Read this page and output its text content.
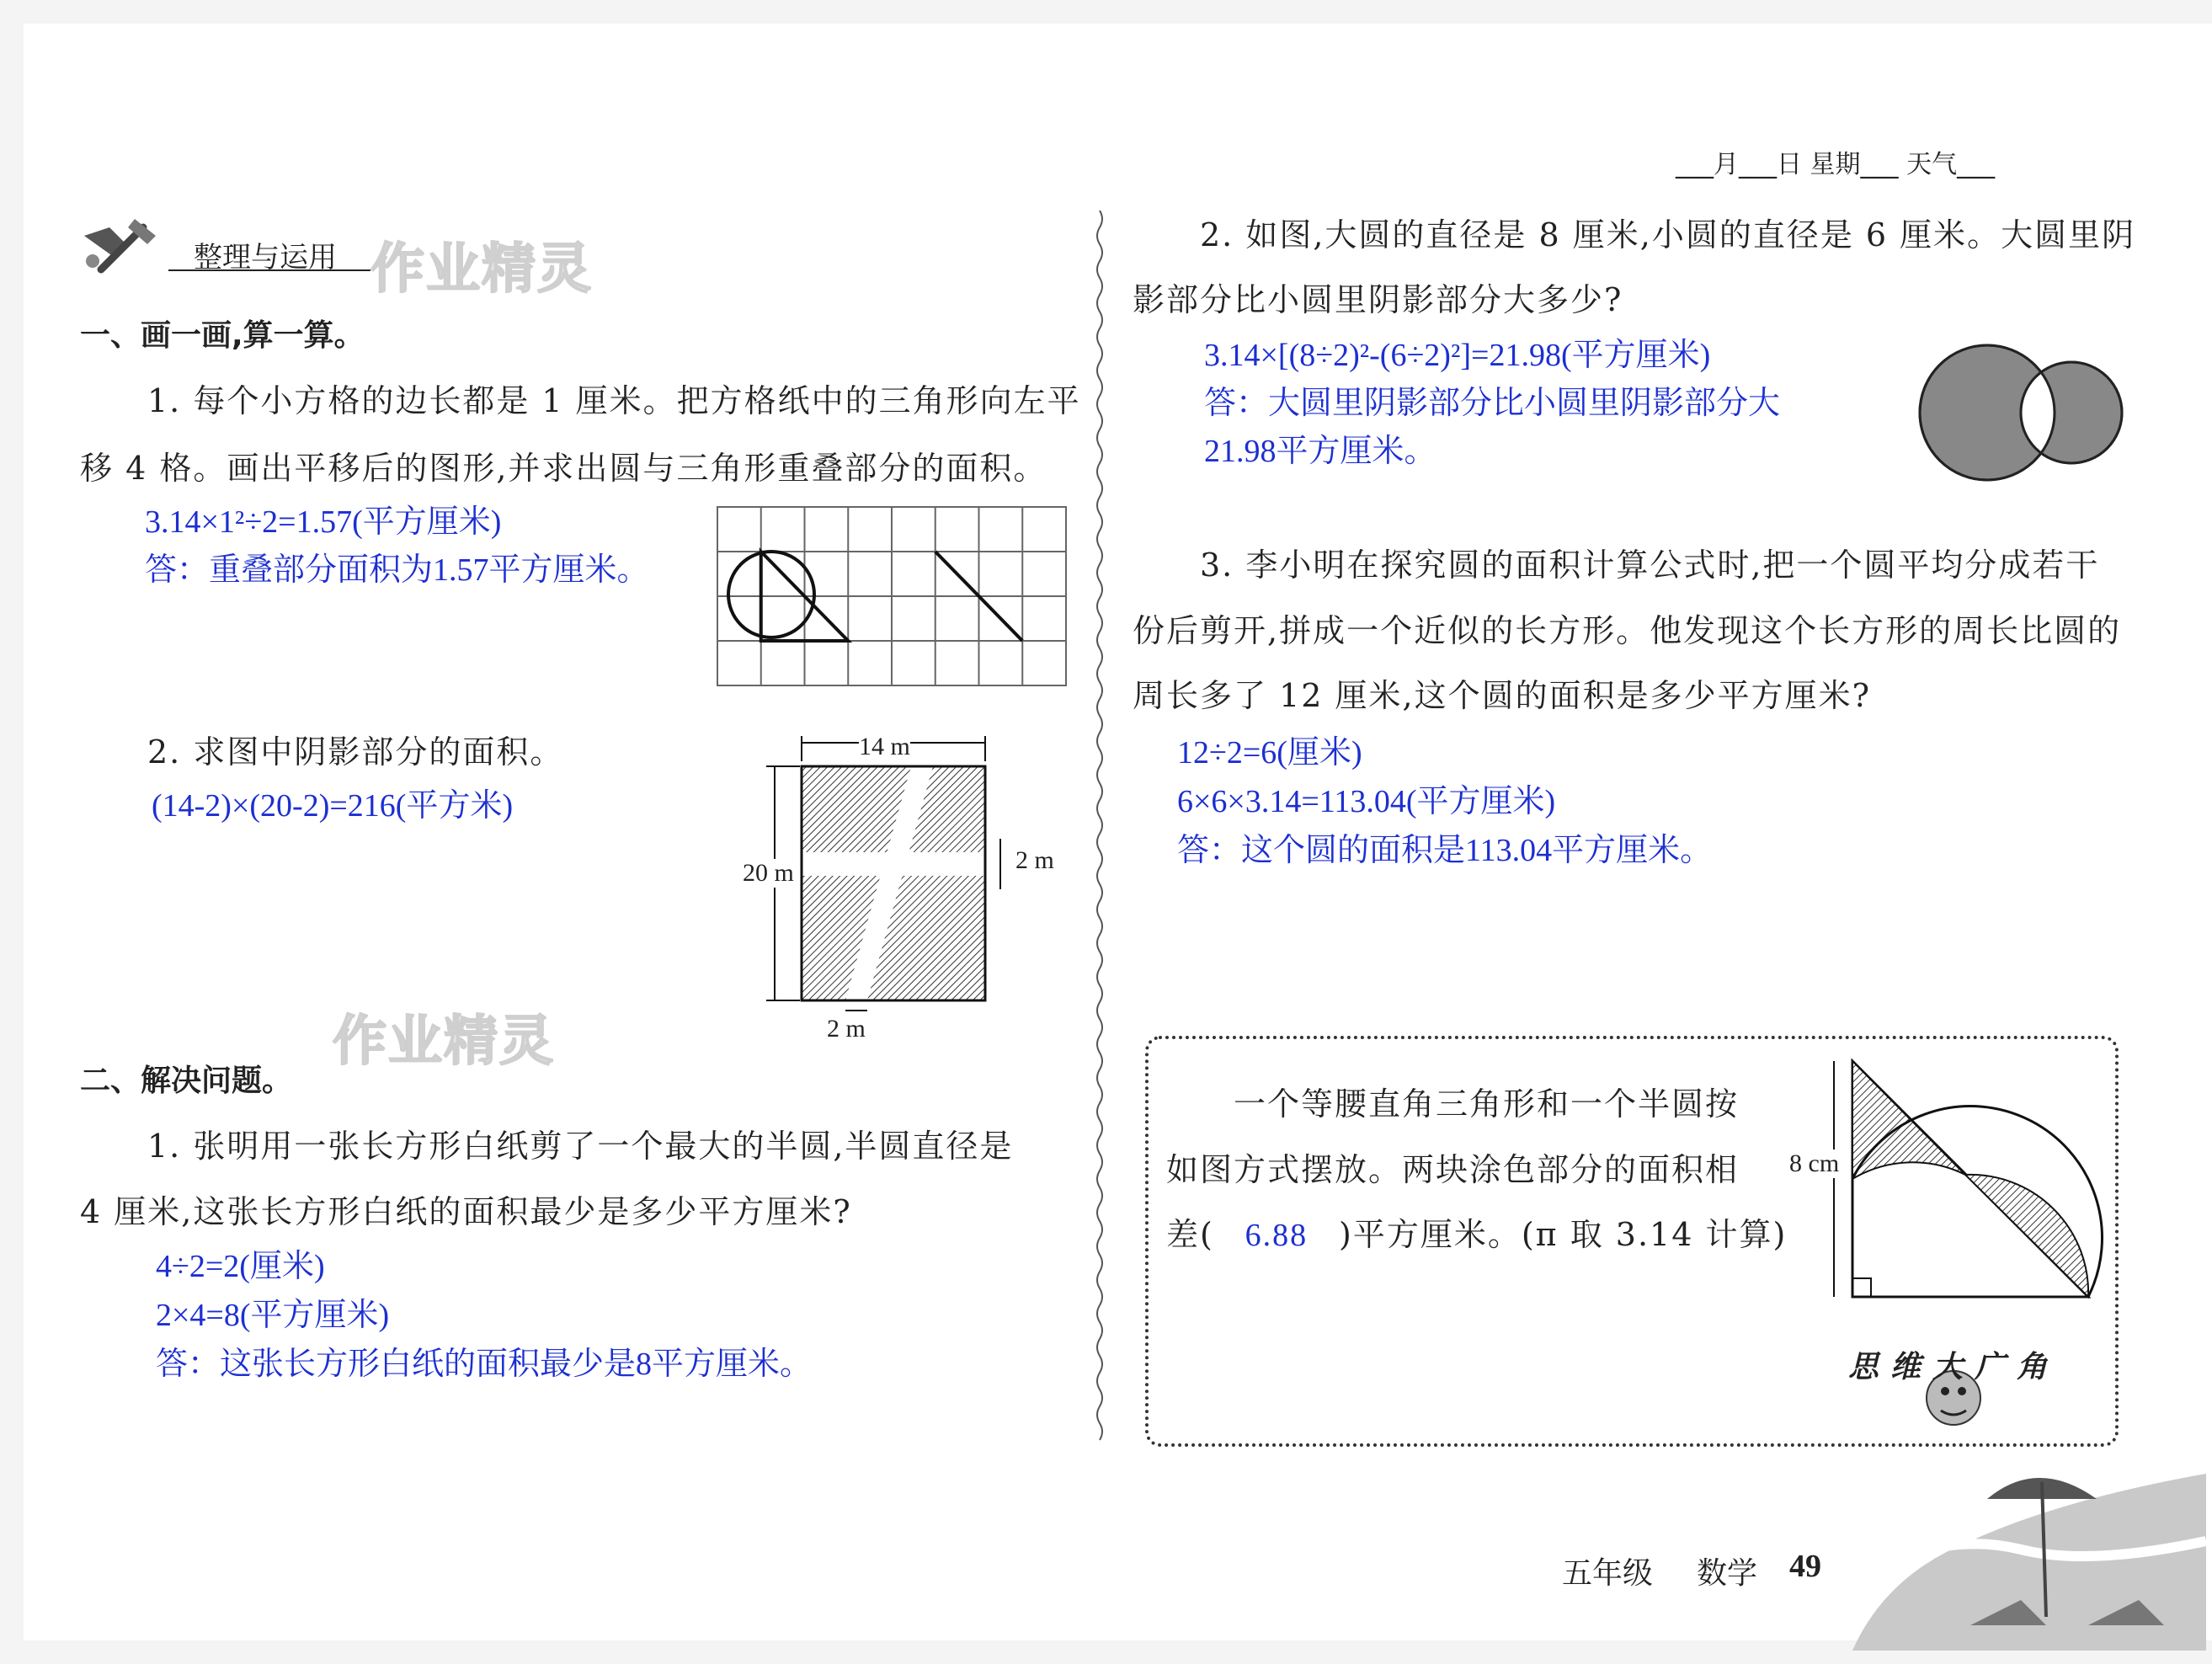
___月___日 星期___ 天气___
整理与运用 作业精灵
一、画一画,算一算。
1. 每个小方格的边长都是 1 厘米。把方格纸中的三角形向左平
移 4 格。画出平移后的图形,并求出圆与三角形重叠部分的面积。
3.14×1²÷2=1.57(平方厘米)
答：重叠部分面积为1.57平方厘米。
2. 求图中阴影部分的面积。
(14-2)×(20-2)=216(平方米)
14 m
20 m	2 m
2 m
作业精灵
二、解决问题。
1. 张明用一张长方形白纸剪了一个最大的半圆,半圆直径是
4 厘米,这张长方形白纸的面积最少是多少平方厘米?
4÷2=2(厘米)
2×4=8(平方厘米)
答：这张长方形白纸的面积最少是8平方厘米。
2. 如图,大圆的直径是 8 厘米,小圆的直径是 6 厘米。大圆里阴
影部分比小圆里阴影部分大多少?
3.14×[(8÷2)²-(6÷2)²]=21.98(平方厘米)
答：大圆里阴影部分比小圆里阴影部分大
21.98平方厘米。
3. 李小明在探究圆的面积计算公式时,把一个圆平均分成若干
份后剪开,拼成一个近似的长方形。他发现这个长方形的周长比圆的
周长多了 12 厘米,这个圆的面积是多少平方厘米?
12÷2=6(厘米)
6×6×3.14=113.04(平方厘米)
答：这个圆的面积是113.04平方厘米。
一个等腰直角三角形和一个半圆按
如图方式摆放。两块涂色部分的面积相
差( 6.88 )平方厘米。(π 取 3.14 计算)
8 cm
思维大广角
五年级 数学 49
